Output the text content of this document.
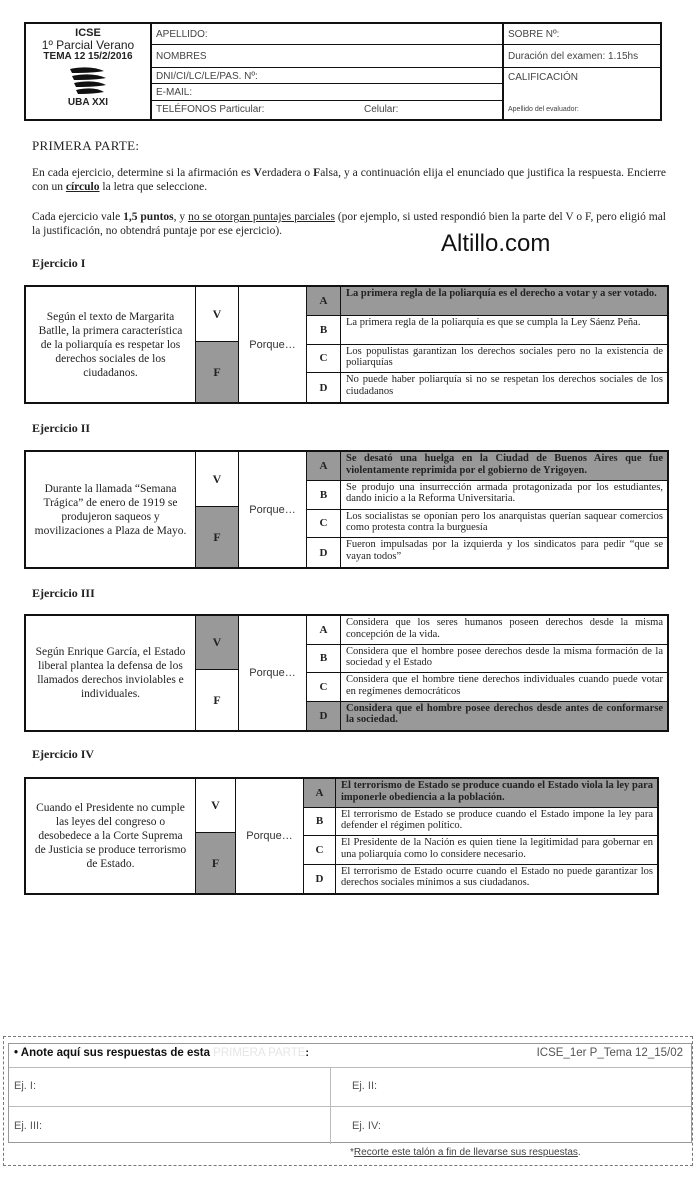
ICSE
1º Parcial Verano
TEMA 12 15/2/2016
UBA XXI
APELLIDO:
NOMBRES
DNI/CI/LC/LE/PAS. Nº:
E-MAIL:
TELÉFONOS Particular:	Celular:
SOBRE Nº:
Duración del examen: 1.15hs
CALIFICACIÓN
Apellido del evaluador:
PRIMERA PARTE:
En cada ejercicio, determine si la afirmación es Verdadera o Falsa, y a continuación elija el enunciado que justifica la respuesta. Encierre con un círculo la letra que seleccione.
Cada ejercicio vale 1,5 puntos, y no se otorgan puntajes parciales (por ejemplo, si usted respondió bien la parte del V o F, pero eligió mal la justificación, no obtendrá puntaje por ese ejercicio).	Altillo.com
Ejercicio I
Según el texto de Margarita Batlle, la primera característica de la poliarquía es respetar los derechos sociales de los ciudadanos.
V
F
Porque…
A
La primera regla de la poliarquía es el derecho a votar y a ser votado.
B
La primera regla de la poliarquía es que se cumpla la Ley Sáenz Peña.
C
Los populistas garantizan los derechos sociales pero no la existencia de poliarquías
D
No puede haber poliarquía si no se respetan los derechos sociales de los ciudadanos
Ejercicio II
Durante la llamada “Semana Trágica” de enero de 1919 se produjeron saqueos y movilizaciones a Plaza de Mayo.
V
F
Porque…
A
Se desató una huelga en la Ciudad de Buenos Aires que fue violentamente reprimida por el gobierno de Yrigoyen.
B
Se produjo una insurrección armada protagonizada por los estudiantes, dando inicio a la Reforma Universitaria.
C
Los socialistas se oponían pero los anarquistas querían saquear comercios como protesta contra la burguesía
D
Fueron impulsadas por la izquierda y los sindicatos para pedir “que se vayan todos”
Ejercicio III
Según Enrique García, el Estado liberal plantea la defensa de los llamados derechos inviolables e individuales.
V
F
Porque…
A
Considera que los seres humanos poseen derechos desde la misma concepción de la vida.
B
Considera que el hombre posee derechos desde la misma formación de la sociedad y el Estado
C
Considera que el hombre tiene derechos individuales cuando puede votar en regímenes democráticos
D
Considera que el hombre posee derechos desde antes de conformarse la sociedad.
Ejercicio IV
Cuando el Presidente no cumple las leyes del congreso o desobedece a la Corte Suprema de Justicia se produce terrorismo de Estado.
V
F
Porque…
A
El terrorismo de Estado se produce cuando el Estado viola la ley para imponerle obediencia a la población.
B
El terrorismo de Estado se produce cuando el Estado impone la ley para defender el régimen político.
C
El Presidente de la Nación es quien tiene la legitimidad para gobernar en una poliarquía como lo considere necesario.
D
El terrorismo de Estado ocurre cuando el Estado no puede garantizar los derechos sociales mínimos a sus ciudadanos.
• Anote aquí sus respuestas de esta PRIMERA PARTE:	ICSE_1er P_Tema 12_15/02
Ej. I:	Ej. II:
Ej. III:	Ej. IV:
*Recorte este talón a fin de llevarse sus respuestas.
